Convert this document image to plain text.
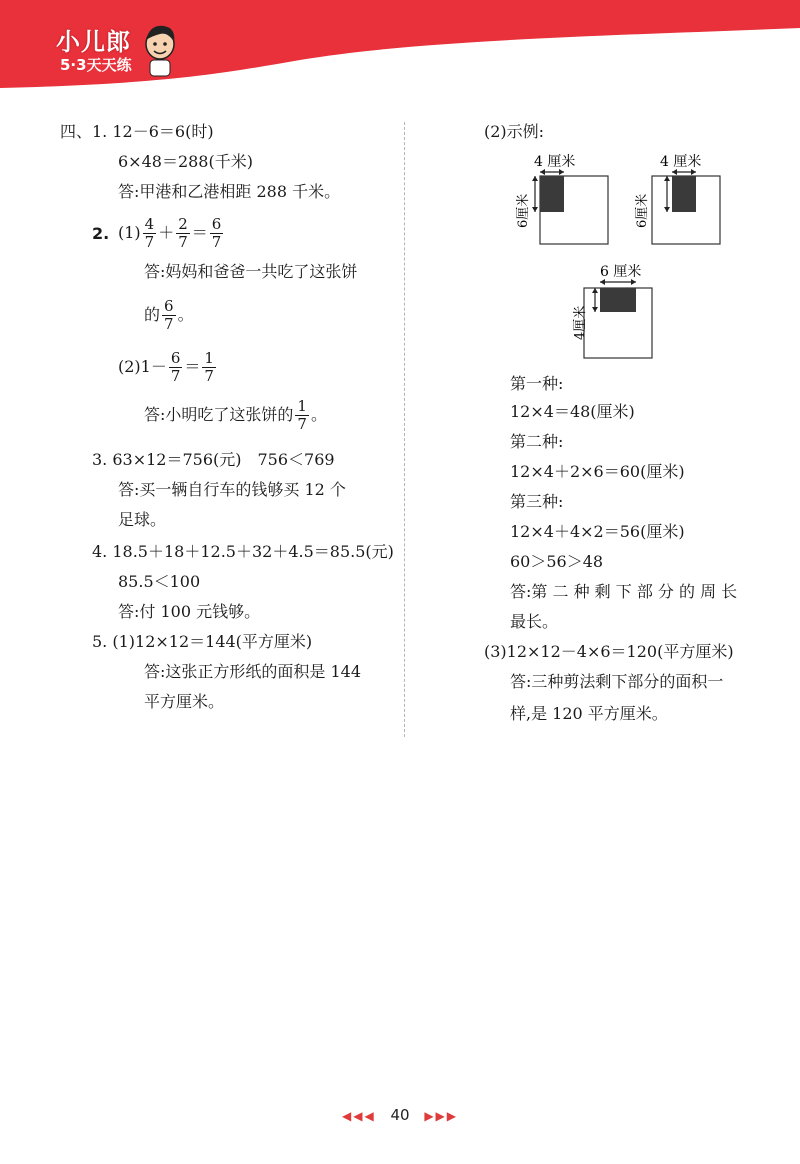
小儿郎
5·3天天练
四、1. 12－6＝6(时)
6×48＝288(千米)
答:甲港和乙港相距 288 千米。
2. $(1) \frac{4}{7} + \frac{2}{7} = \frac{6}{7}$
答:妈妈和爸爸一共吃了这张饼
的 $\frac{6}{7}$ 。
$(2)1- \frac{6}{7} = \frac{1}{7}$
答:小明吃了这张饼的 $\frac{1}{7}$ 。
3. 63×12＝756(元)　756＜769
答:买一辆自行车的钱够买 12 个
足球。
4. 18.5＋18＋12.5＋32＋4.5＝85.5(元)
85.5＜100
答:付 100 元钱够。
5. (1)12×12＝144(平方厘米)
答:这张正方形纸的面积是 144
平方厘米。
(2)示例:
4 厘米
6厘米
4 厘米
6厘米
6 厘米
4厘米
第一种:
12×4＝48(厘米)
第二种:
12×4＋2×6＝60(厘米)
第三种:
12×4＋4×2＝56(厘米)
60＞56＞48
答:第 二 种 剩 下 部 分 的 周 长
最长。
(3)12×12－4×6＝120(平方厘米)
答:三种剪法剩下部分的面积一
样,是 120 平方厘米。
◀◀◀ 40 ▶▶▶
